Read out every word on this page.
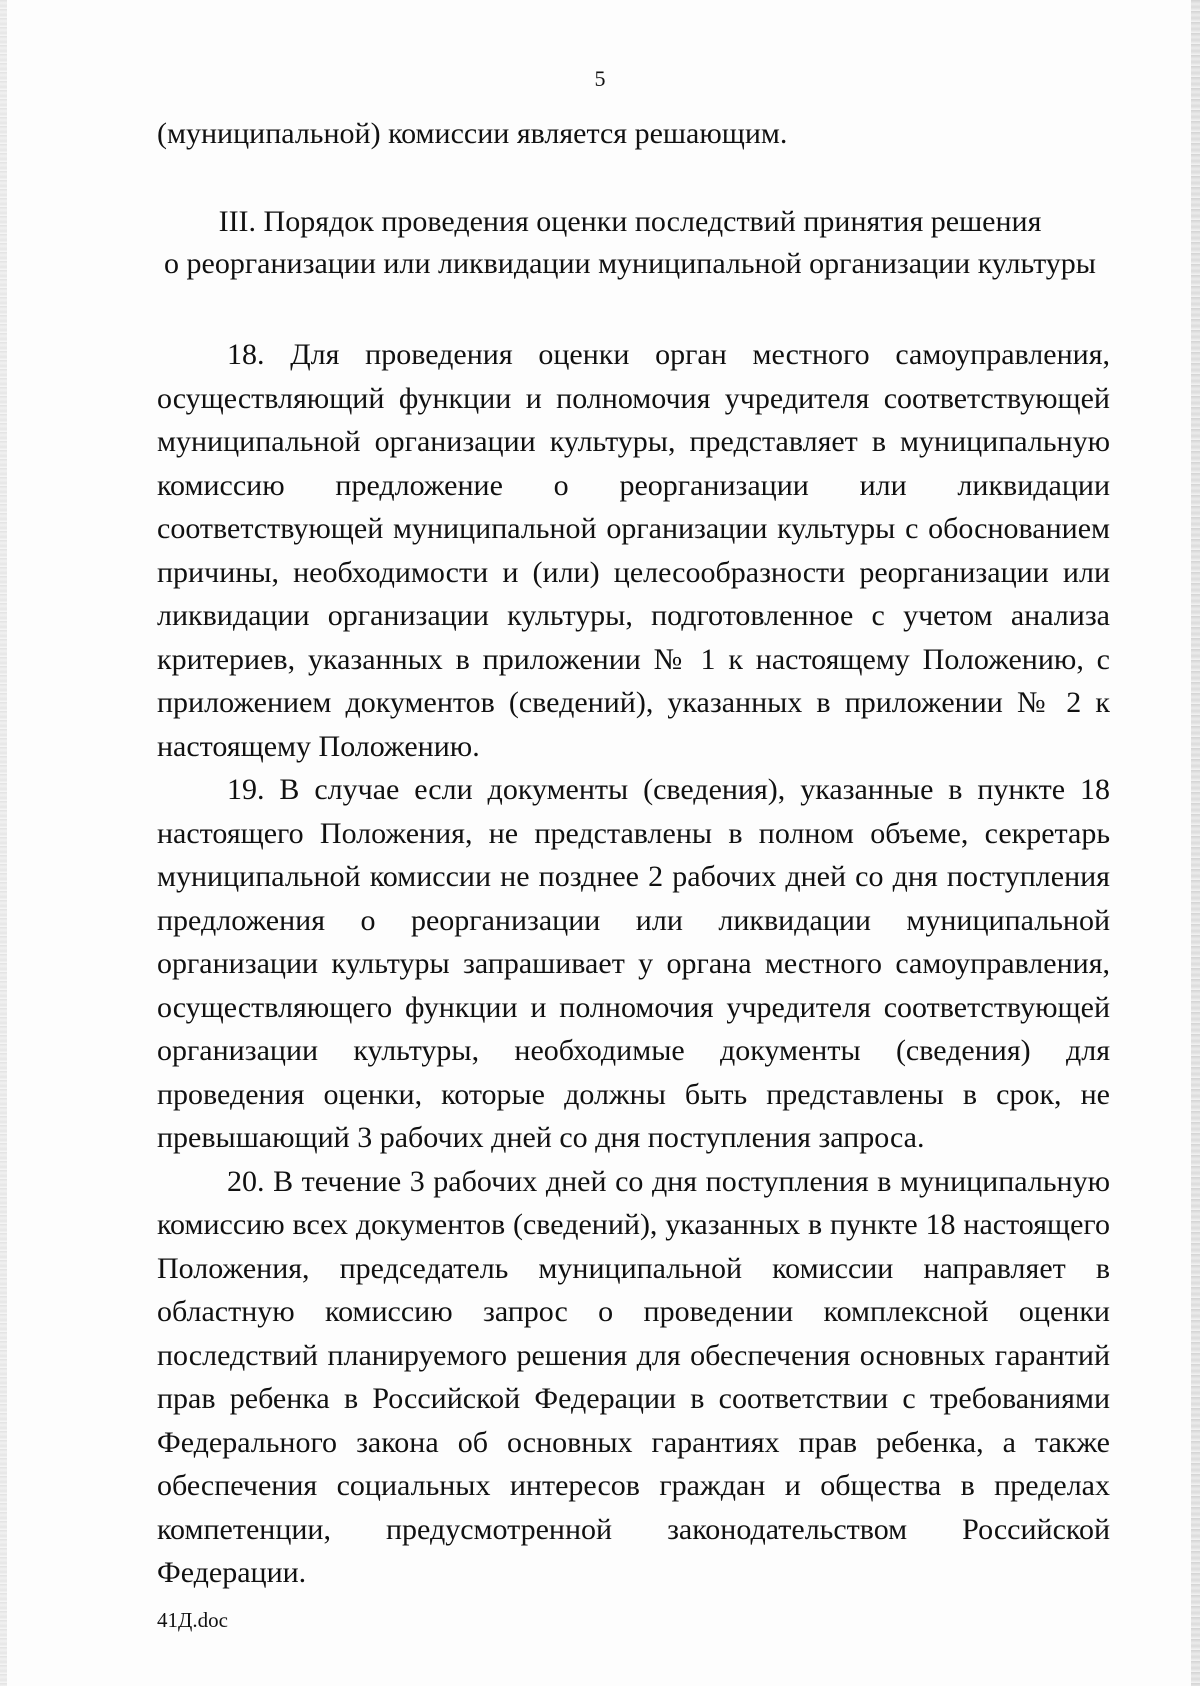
5
(муниципальной) комиссии является решающим.
III. Порядок проведения оценки последствий принятия решения
о реорганизации или ликвидации муниципальной организации культуры

18. Для проведения оценки орган местного самоуправления, осуществляющий функции и полномочия учредителя соответствующей муниципальной организации культуры, представляет в муниципальную комиссию предложение о реорганизации или ликвидации соответствующей муниципальной организации культуры с обоснованием причины, необходимости и (или) целесообразности реорганизации или ликвидации организации культуры, подготовленное с учетом анализа критериев, указанных в приложении № 1 к настоящему Положению, с приложением документов (сведений), указанных в приложении № 2 к настоящему Положению.

19. В случае если документы (сведения), указанные в пункте 18 настоящего Положения, не представлены в полном объеме, секретарь муниципальной комиссии не позднее 2 рабочих дней со дня поступления предложения о реорганизации или ликвидации муниципальной организации культуры запрашивает у органа местного самоуправления, осуществляющего функции и полномочия учредителя соответствующей организации культуры, необходимые документы (сведения) для проведения оценки, которые должны быть представлены в срок, не превышающий 3 рабочих дней со дня поступления запроса.

20. В течение 3 рабочих дней со дня поступления в муниципальную комиссию всех документов (сведений), указанных в пункте 18 настоящего Положения, председатель муниципальной комиссии направляет в областную комиссию запрос о проведении комплексной оценки последствий планируемого решения для обеспечения основных гарантий прав ребенка в Российской Федерации в соответствии с требованиями Федерального закона об основных гарантиях прав ребенка, а также обеспечения социальных интересов граждан и общества в пределах компетенции, предусмотренной законодательством Российской Федерации.

41Д.doc
